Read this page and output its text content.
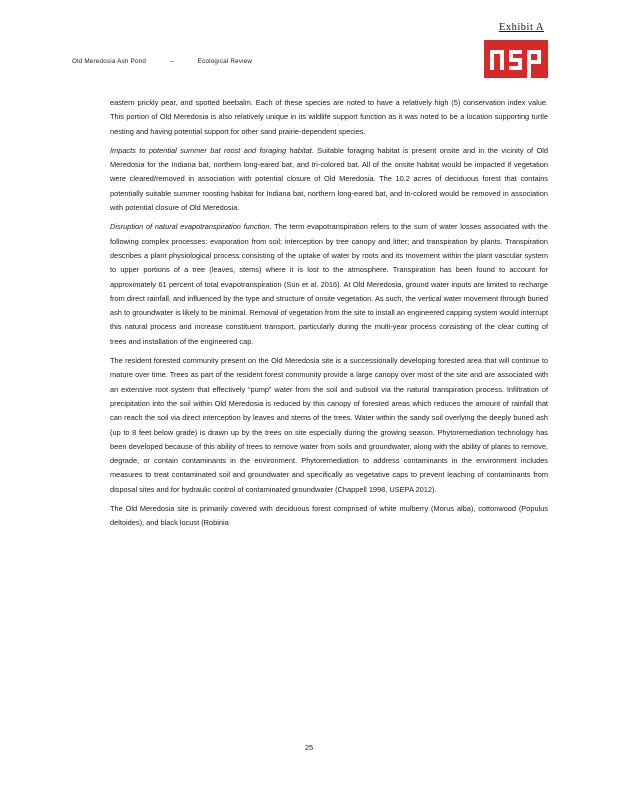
Exhibit A
Old Meredosia Ash Pond	–	Ecological Review

eastern prickly pear, and spotted beebalm. Each of these species are noted to have a relatively high (5) conservation index value. This portion of Old Meredosia is also relatively unique in its wildlife support function as it was noted to be a location supporting turtle nesting and having potential support for other sand prairie-dependent species.

Impacts to potential summer bat roost and foraging habitat. Suitable foraging habitat is present onsite and in the vicinity of Old Meredosia for the Indiana bat, northern long-eared bat, and tri-colored bat. All of the onsite habitat would be impacted if vegetation were cleared/removed in association with potential closure of Old Meredosia. The 10.2 acres of deciduous forest that contains potentially suitable summer roosting habitat for Indiana bat, northern long-eared bat, and tri-colored would be removed in association with potential closure of Old Meredosia.

Disruption of natural evapotranspiration function. The term evapotranspiration refers to the sum of water losses associated with the following complex processes: evaporation from soil; interception by tree canopy and litter; and transpiration by plants. Transpiration describes a plant physiological process consisting of the uptake of water by roots and its movement within the plant vascular system to upper portions of a tree (leaves, stems) where it is lost to the atmosphere. Transpiration has been found to account for approximately 61 percent of total evapotranspiration (Sun et al. 2016). At Old Meredosia, ground water inputs are limited to recharge from direct rainfall, and influenced by the type and structure of onsite vegetation. As such, the vertical water movement through buried ash to groundwater is likely to be minimal. Removal of vegetation from the site to install an engineered capping system would interrupt this natural process and increase constituent transport, particularly during the multi-year process consisting of the clear cutting of trees and installation of the engineered cap.

The resident forested community present on the Old Meredosia site is a successionally developing forested area that will continue to mature over time. Trees as part of the resident forest community provide a large canopy over most of the site and are associated with an extensive root system that effectively “pump” water from the soil and subsoil via the natural transpiration process. Infiltration of precipitation into the soil within Old Meredosia is reduced by this canopy of forested areas which reduces the amount of rainfall that can reach the soil via direct interception by leaves and stems of the trees. Water within the sandy soil overlying the deeply buried ash (up to 8 feet below grade) is drawn up by the trees on site especially during the growing season. Phytoremediation technology has been developed because of this ability of trees to remove water from soils and groundwater, along with the ability of plants to remove, degrade, or contain contaminants in the environment. Phytoremediation to address contaminants in the environment includes measures to treat contaminated soil and groundwater and specifically as vegetative caps to prevent leaching of contaminants from disposal sites and for hydraulic control of contaminated groundwater (Chappell 1998, USEPA 2012).

The Old Meredosia site is primarily covered with deciduous forest comprised of white mulberry (Morus alba), cottonwood (Populus deltoides), and black locust (Robinia

25
